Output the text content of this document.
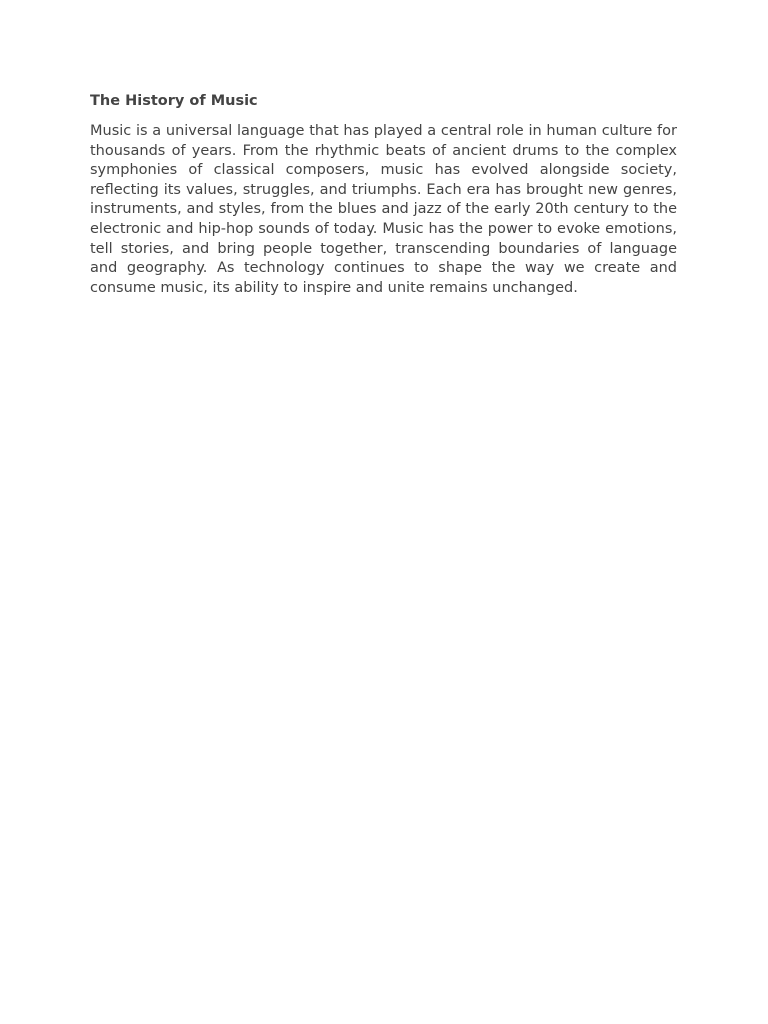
The History of Music

Music is a universal language that has played a central role in human culture for thousands of years. From the rhythmic beats of ancient drums to the complex symphonies of classical composers, music has evolved alongside society, reflecting its values, struggles, and triumphs. Each era has brought new genres, instruments, and styles, from the blues and jazz of the early 20th century to the electronic and hip-hop sounds of today. Music has the power to evoke emotions, tell stories, and bring people together, transcending boundaries of language and geography. As technology continues to shape the way we create and consume music, its ability to inspire and unite remains unchanged.
